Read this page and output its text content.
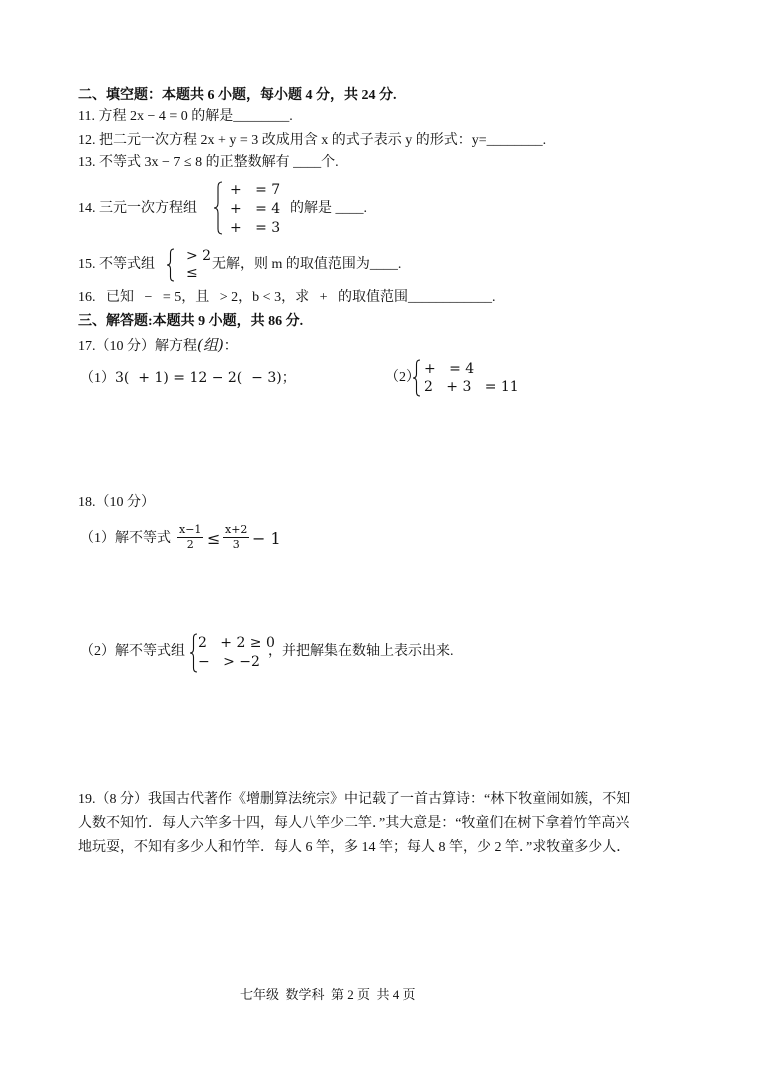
二、填空题：本题共 6 小题，每小题 4 分，共 24 分.
11. 方程 2x − 4 = 0 的解是________.
12. 把二元一次方程 2x + y = 3 改成用含 x 的式子表示 y 的形式：y=________.
13. 不等式 3x − 7 ≤ 8 的正整数解有 ____个.
14. 三元一次方程组
+   = 7
+   = 4
+   = 3
的解是 ____.
15. 不等式组
> 2
≤
无解，则 m 的取值范围为____.
16.   已知   −   = 5，且   > 2，b < 3，求   +   的取值范围____________.
三、解答题:本题共 9 小题，共 86 分.
17.（10 分）解方程(组)：
（1）3(  + 1) = 12 − 2(  − 3)；	（2）
+   = 4
2   + 3   = 11
18.（10 分）
（1）解不等式 $\frac{x-1}{2} \le \frac{x+2}{3} - 1$
（2）解不等式组
2   + 2 ≥ 0
−   > −2
，并把解集在数轴上表示出来.
19.（8 分）我国古代著作《增删算法统宗》中记载了一首古算诗：“林下牧童闹如簇，不知
人数不知竹．每人六竿多十四，每人八竿少二竿．”其大意是：“牧童们在树下拿着竹竿高兴
地玩耍，不知有多少人和竹竿．每人 6 竿，多 14 竿；每人 8 竿，少 2 竿．”求牧童多少人．
七年级  数学科  第 2 页  共 4 页
